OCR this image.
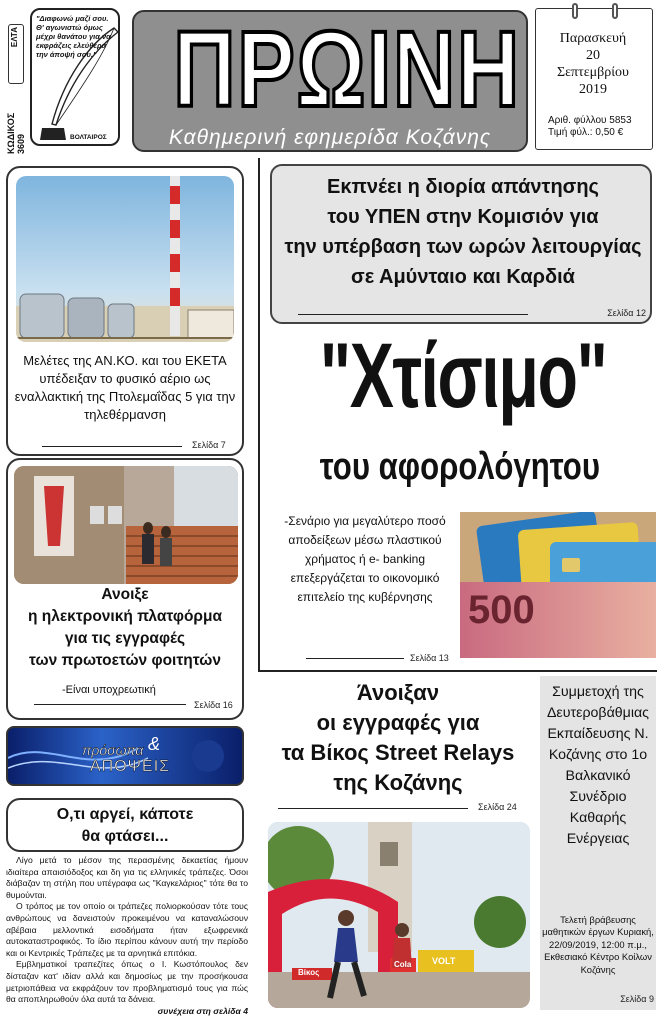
ΕΛΤΑ
ΚΩΔΙΚΟΣ 3609
"Διαφωνώ μαζί σου. Θ' αγωνιστώ όμως μέχρι θανάτου για να εκφράζεις ελεύθερα την άποψή σου."
ΒΟΛΤΑΙΡΟΣ
ΠΡΩΙΝΗ
Καθημερινή εφημερίδα Κοζάνης
Παρασκευή
20
Σεπτεμβρίου
2019
Αριθ. φύλλου 5853
Τιμή φύλ.: 0,50 €
Μελέτες της ΑΝ.ΚΟ. και του ΕΚΕΤΑ υπέδειξαν το φυσικό αέριο ως εναλλακτική της Πτολεμαΐδας 5 για την τηλεθέρμανση
Σελίδα 7
Ανοιξε
η ηλεκτρονική πλατφόρμα
για τις εγγραφές
των πρωτοετών φοιτητών
-Είναι υποχρεωτική
Σελίδα 16
πρόσωπα &
ΑΠΟΨΕΙΣ
Ο,τι αργεί, κάποτε
θα φτάσει...

Λίγο μετά το μέσον της περασμένης δεκαετίας ήμουν ιδιαίτερα απαισιόδοξος και δη για τις ελληνικές τράπεζες. Όσοι διάβαζαν τη στήλη που υπέγραφα ως "Καγκελάριος" τότε θα το θυμούνται.

Ο τρόπος με τον οποίο οι τράπεζες πολιορκούσαν τότε τους ανθρώπους να δανειστούν προκειμένου να καταναλώσουν αβέβαια μελλοντικά εισοδήματα ήταν εξωφρενικά αυτοκαταστροφικός. Το ίδιο περίπου κάνουν αυτή την περίοδο και οι Κεντρικές Τράπεζες με τα αρνητικά επιτόκια.

Εμβληματικοί τραπεζίτες όπως ο Ι. Κωστόπουλος δεν δίσταζαν κατ' ιδίαν αλλά και δημοσίως με την προσήκουσα μετριοπάθεια να εκφράζουν τον προβληματισμό τους για πώς θα αποπληρωθούν όλα αυτά τα δάνεια.

συνέχεια στη σελίδα 4
Εκπνέει η διορία απάντησης
του ΥΠΕΝ στην Κομισιόν για
την υπέρβαση των ωρών λειτουργίας
σε Αμύνταιο και Καρδιά
Σελίδα 12
"Χτίσιμο"
του αφορολόγητου
-Σενάριο για μεγαλύτερο ποσό αποδείξεων μέσω πλαστικού χρήματος ή e- banking επεξεργάζεται το οικονομικό επιτελείο της κυβέρνησης 500
Σελίδα 13
Άνοιξαν
οι εγγραφές για
τα Βίκος Street Relays
της Κοζάνης
Σελίδα 24
Βίκος
Cola VOLT
Συμμετοχή της Δευτεροβάθμιας Εκπαίδευσης Ν. Κοζάνης στο 1ο Βαλκανικό Συνέδριο Καθαρής Ενέργειας
Τελετή βράβευσης μαθητικών έργων Κυριακή, 22/09/2019, 12:00 π.μ., Εκθεσιακό Κέντρο Κοίλων Κοζάνης
Σελίδα 9
